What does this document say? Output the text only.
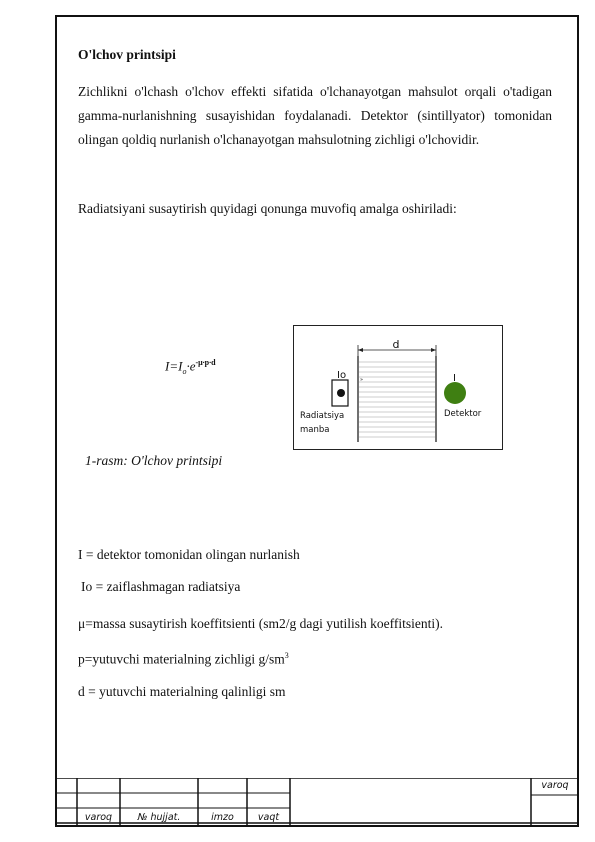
O'lchov printsipi
Zichlikni o'lchash o'lchov effekti sifatida o'lchanayotgan mahsulot orqali o'tadigan gamma-nurlanishning susayishidan foydalanadi. Detektor (sintillyator) tomonidan olingan qoldiq nurlanish o'lchanayotgan mahsulotning zichligi o'lchovidir.
Radiatsiyani susaytirish quyidagi qonunga muvofiq amalga oshiriladi:
$I=I_o\cdot e^{-\mu\cdot p\cdot d}$
d
Io	»	I
Radiatsiya
manba
Detektor
1-rasm: O'lchov printsipi
I = detektor tomonidan olingan nurlanish
Io = zaiflashmagan radiatsiya
μ=massa susaytirish koeffitsienti (sm2/g dagi yutilish koeffitsienti).
p=yutuvchi materialning zichligi $g/sm^3$
d = yutuvchi materialning qalinligi sm
varoq
varoq	№ hujjat.	imzo	vaqt
